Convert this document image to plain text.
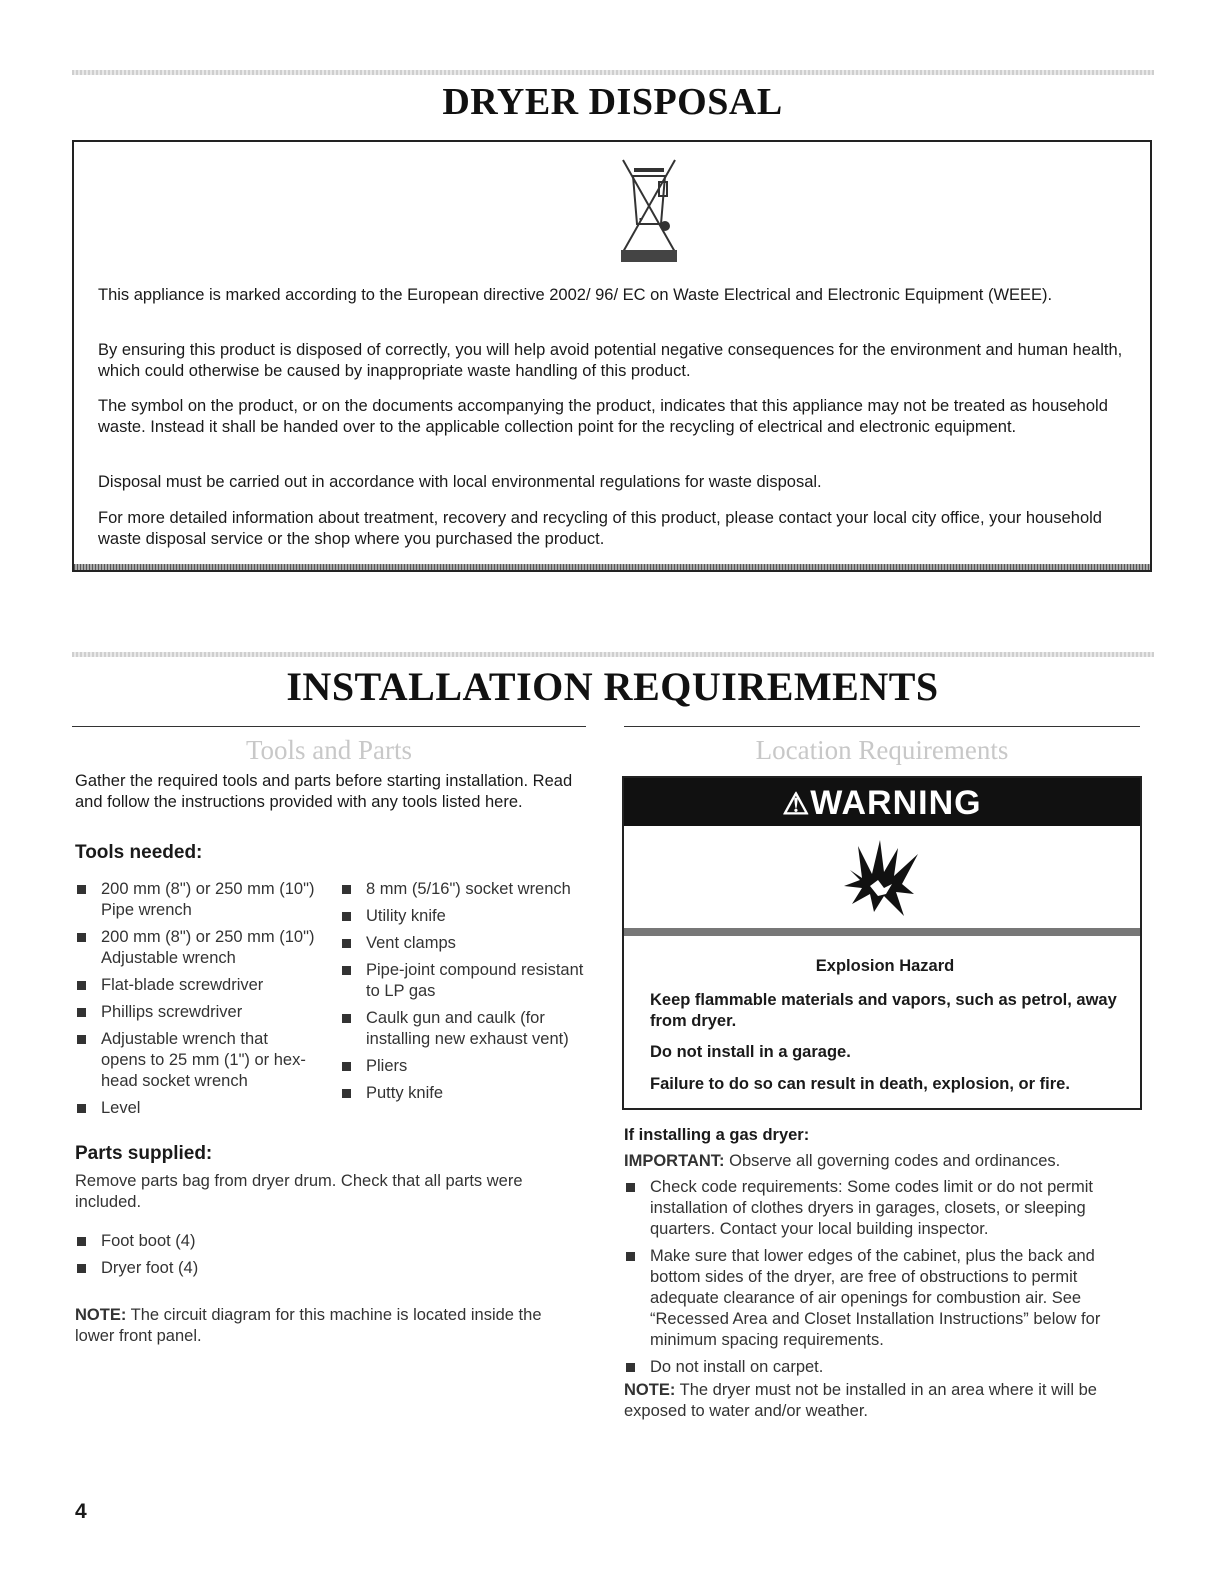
DRYER DISPOSAL

This appliance is marked according to the European directive 2002/ 96/ EC on Waste Electrical and Electronic Equipment (WEEE).

By ensuring this product is disposed of correctly, you will help avoid potential negative consequences for the environment and human health, which could otherwise be caused by inappropriate waste handling of this product.

The symbol on the product, or on the documents accompanying the product, indicates that this appliance may not be treated as household waste. Instead it shall be handed over to the applicable collection point for the recycling of electrical and electronic equipment.

Disposal must be carried out in accordance with local environmental regulations for waste disposal.

For more detailed information about treatment, recovery and recycling of this product, please contact your local city office, your household waste disposal service or the shop where you purchased the product.

INSTALLATION REQUIREMENTS
Tools and Parts

Gather the required tools and parts before starting installation. Read and follow the instructions provided with any tools listed here.

Tools needed:

200 mm (8") or 250 mm (10") Pipe wrench
200 mm (8") or 250 mm (10") Adjustable wrench
Flat-blade screwdriver
Phillips screwdriver
Adjustable wrench that opens to 25 mm (1") or hex-head socket wrench
Level
8 mm (5/16") socket wrench
Utility knife
Vent clamps
Pipe-joint compound resistant to LP gas
Caulk gun and caulk (for installing new exhaust vent)
Pliers
Putty knife

Parts supplied:

Remove parts bag from dryer drum. Check that all parts were included.

Foot boot (4)
Dryer foot (4)

NOTE: The circuit diagram for this machine is located inside the lower front panel.

Location Requirements
⚠WARNING

Explosion Hazard

Keep flammable materials and vapors, such as petrol, away from dryer.

Do not install in a garage.

Failure to do so can result in death, explosion, or fire.

If installing a gas dryer:

IMPORTANT: Observe all governing codes and ordinances.

Check code requirements: Some codes limit or do not permit installation of clothes dryers in garages, closets, or sleeping quarters. Contact your local building inspector.
Make sure that lower edges of the cabinet, plus the back and bottom sides of the dryer, are free of obstructions to permit adequate clearance of air openings for combustion air. See “Recessed Area and Closet Installation Instructions” below for minimum spacing requirements.
Do not install on carpet.

NOTE: The dryer must not be installed in an area where it will be exposed to water and/or weather.

4
